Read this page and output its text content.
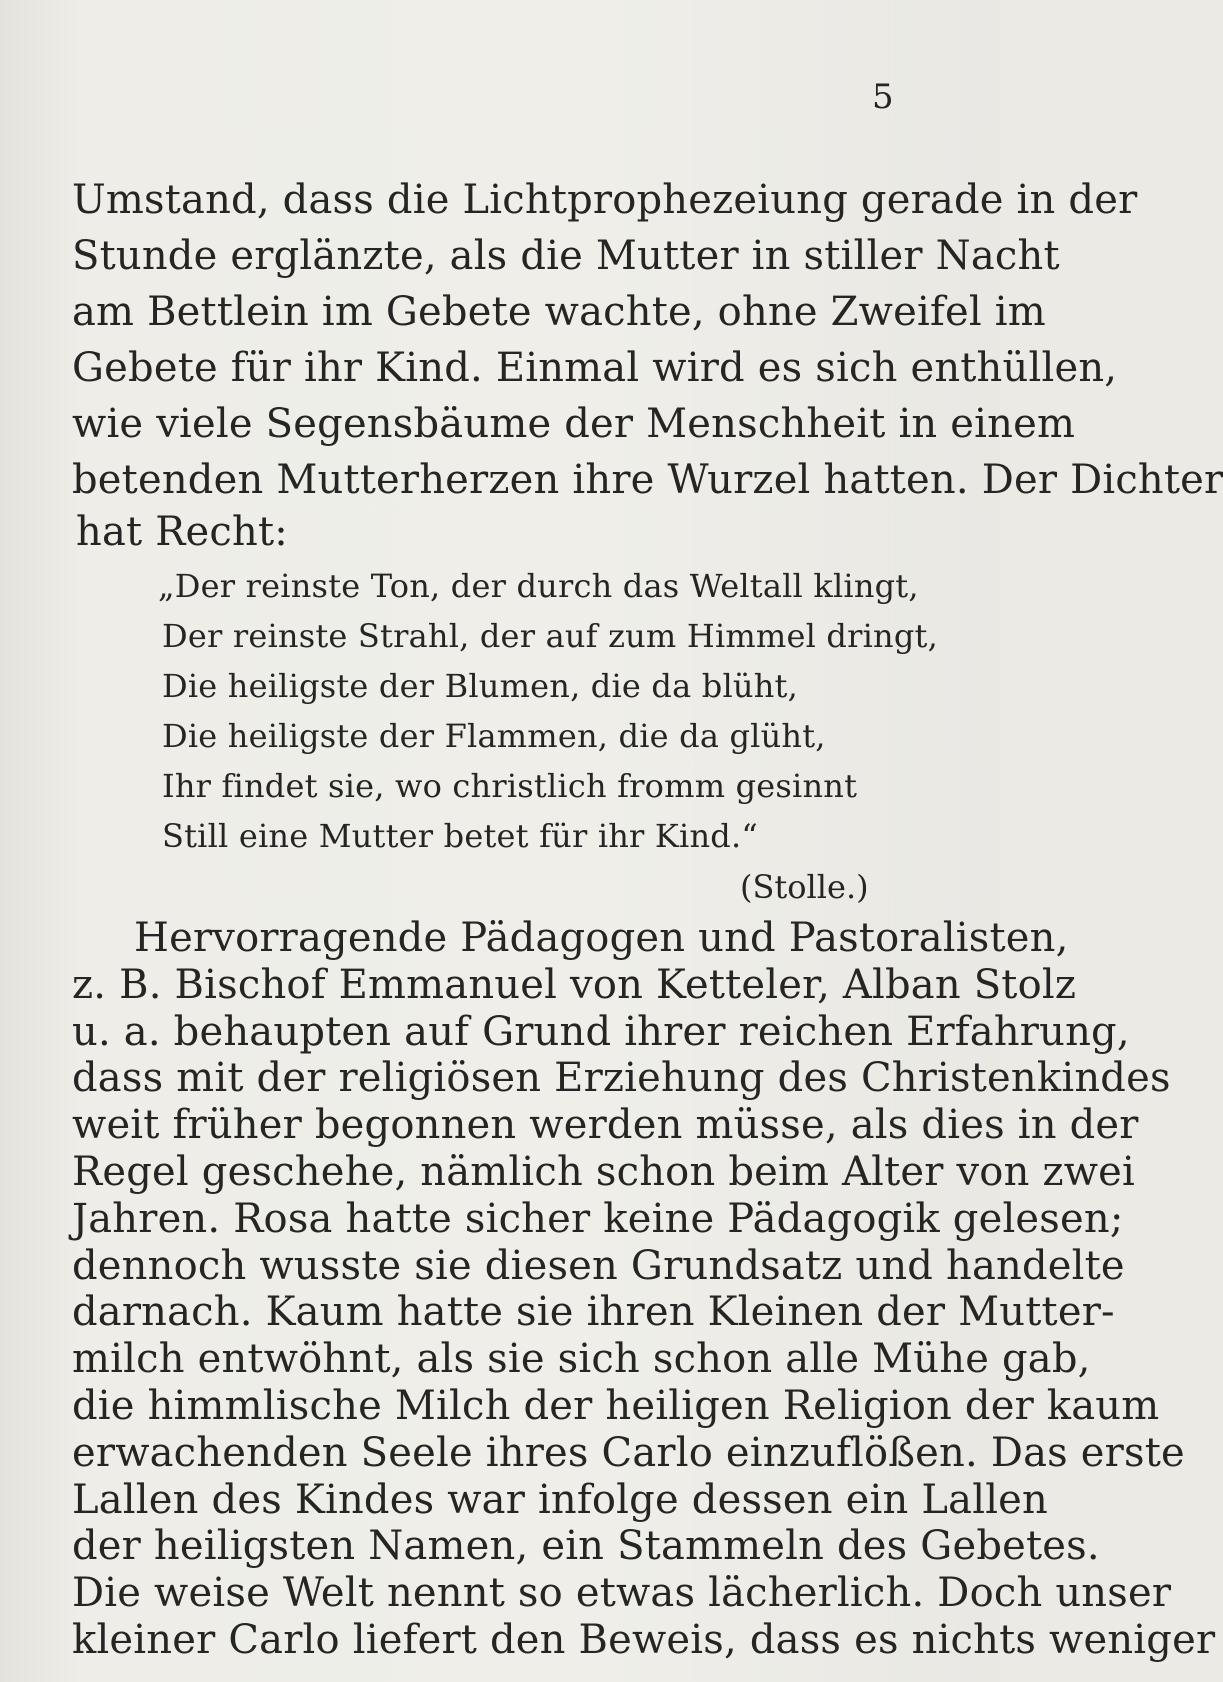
5
Umstand, dass die Lichtprophezeiung gerade in der
Stunde erglänzte, als die Mutter in stiller Nacht
am Bettlein im Gebete wachte, ohne Zweifel im
Gebete für ihr Kind. Einmal wird es sich enthüllen,
wie viele Segensbäume der Menschheit in einem
betenden Mutterherzen ihre Wurzel hatten. Der Dichter
hat Recht:
„Der reinste Ton, der durch das Weltall klingt,
Der reinste Strahl, der auf zum Himmel dringt,
Die heiligste der Blumen, die da blüht,
Die heiligste der Flammen, die da glüht,
Ihr findet sie, wo christlich fromm gesinnt
Still eine Mutter betet für ihr Kind.“
(Stolle.)
Hervorragende Pädagogen und Pastoralisten,
z. B. Bischof Emmanuel von Ketteler, Alban Stolz
u. a. behaupten auf Grund ihrer reichen Erfahrung,
dass mit der religiösen Erziehung des Christenkindes
weit früher begonnen werden müsse, als dies in der
Regel geschehe, nämlich schon beim Alter von zwei
Jahren. Rosa hatte sicher keine Pädagogik gelesen;
dennoch wusste sie diesen Grundsatz und handelte
darnach. Kaum hatte sie ihren Kleinen der Mutter-
milch entwöhnt, als sie sich schon alle Mühe gab,
die himmlische Milch der heiligen Religion der kaum
erwachenden Seele ihres Carlo einzuflößen. Das erste
Lallen des Kindes war infolge dessen ein Lallen
der heiligsten Namen, ein Stammeln des Gebetes.
Die weise Welt nennt so etwas lächerlich. Doch unser
kleiner Carlo liefert den Beweis, dass es nichts weniger
